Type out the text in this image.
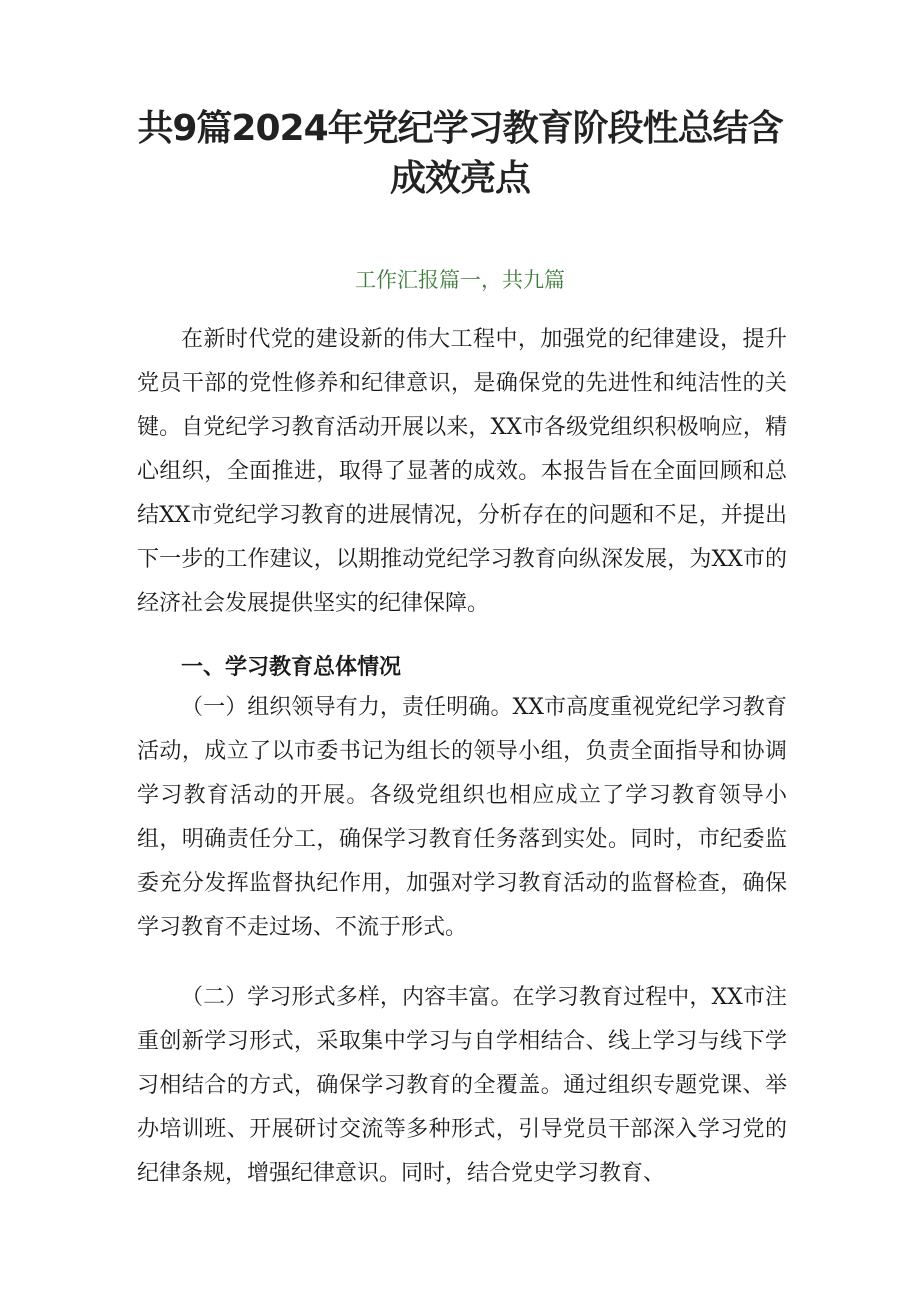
共9篇2024年党纪学习教育阶段性总结含成效亮点
工作汇报篇一，共九篇

在新时代党的建设新的伟大工程中，加强党的纪律建设，提升党员干部的党性修养和纪律意识，是确保党的先进性和纯洁性的关键。自党纪学习教育活动开展以来，XX市各级党组织积极响应，精心组织，全面推进，取得了显著的成效。本报告旨在全面回顾和总结XX市党纪学习教育的进展情况，分析存在的问题和不足，并提出下一步的工作建议，以期推动党纪学习教育向纵深发展，为XX市的经济社会发展提供坚实的纪律保障。

一、学习教育总体情况

（一）组织领导有力，责任明确。XX市高度重视党纪学习教育活动，成立了以市委书记为组长的领导小组，负责全面指导和协调学习教育活动的开展。各级党组织也相应成立了学习教育领导小组，明确责任分工，确保学习教育任务落到实处。同时，市纪委监委充分发挥监督执纪作用，加强对学习教育活动的监督检查，确保学习教育不走过场、不流于形式。

（二）学习形式多样，内容丰富。在学习教育过程中，XX市注重创新学习形式，采取集中学习与自学相结合、线上学习与线下学习相结合的方式，确保学习教育的全覆盖。通过组织专题党课、举办培训班、开展研讨交流等多种形式，引导党员干部深入学习党的纪律条规，增强纪律意识。同时，结合党史学习教育、
